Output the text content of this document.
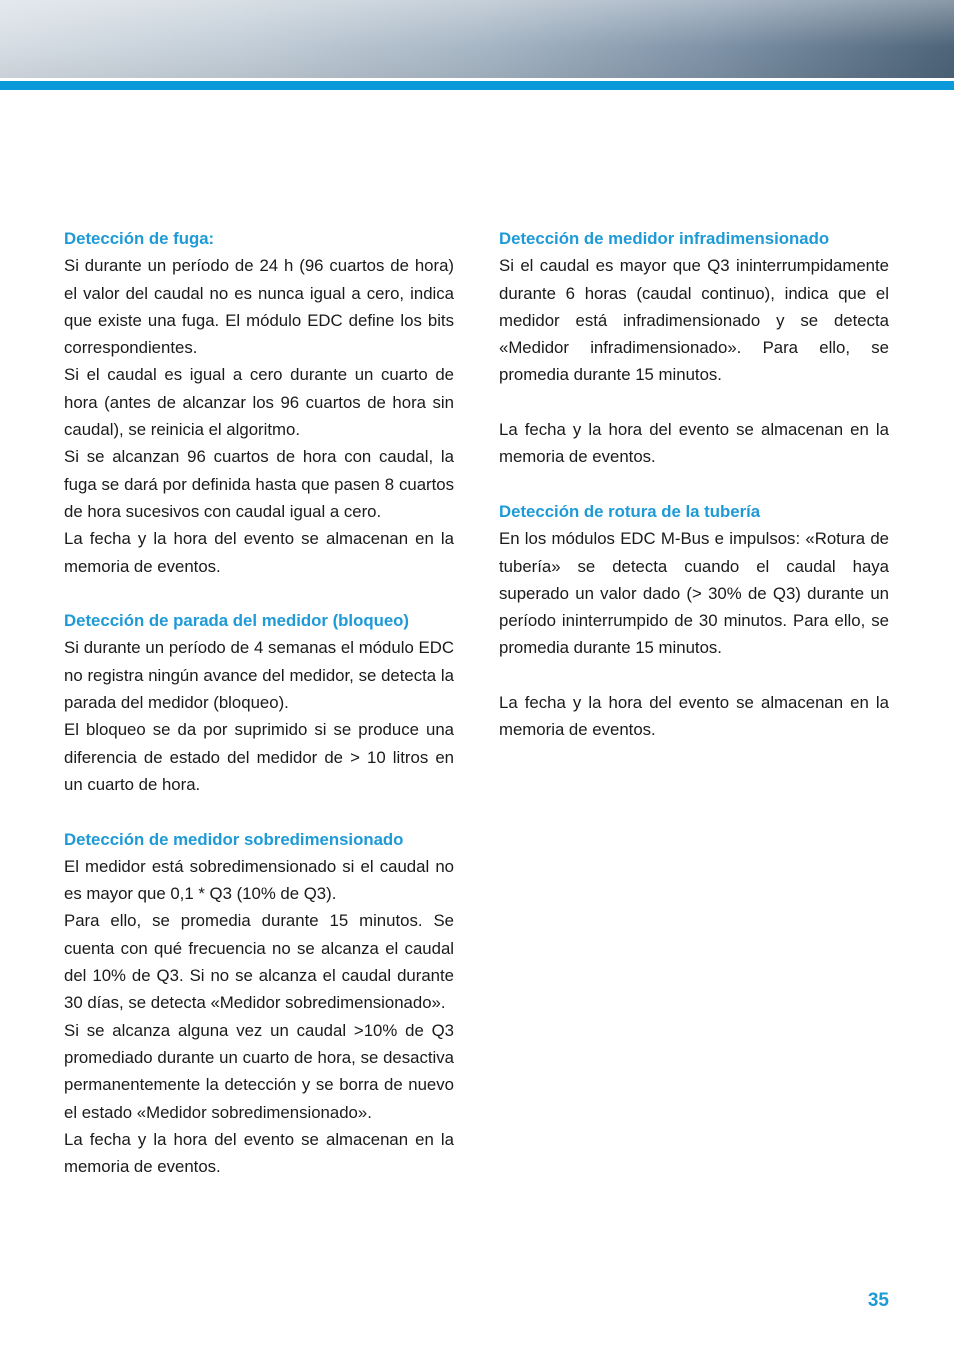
Detección de fuga:

Si durante un período de 24 h (96 cuartos de hora) el valor del caudal no es nunca igual a cero, indica que existe una fuga. El módulo EDC define los bits correspondientes.

Si el caudal es igual a cero durante un cuarto de hora (antes de alcanzar los 96 cuartos de hora sin caudal), se reinicia el algoritmo.

Si se alcanzan 96 cuartos de hora con caudal, la fuga se dará por definida hasta que pasen 8 cuartos de hora sucesivos con caudal igual a cero.

La fecha y la hora del evento se almacenan en la memoria de eventos.

Detección de parada del medidor (bloqueo)

Si durante un período de 4 semanas el módulo EDC no registra ningún avance del medidor, se detecta la parada del medidor (bloqueo).

El bloqueo se da por suprimido si se produce una diferencia de estado del medidor de > 10 litros en un cuarto de hora.

Detección de medidor sobredimensionado

El medidor está sobredimensionado si el caudal no es mayor que 0,1 * Q3 (10% de Q3).

Para ello, se promedia durante 15 minutos. Se cuenta con qué frecuencia no se alcanza el caudal del 10% de Q3. Si no se alcanza el caudal durante 30 días, se detecta «Medidor sobredimensionado».

Si se alcanza alguna vez un caudal >10% de Q3 promediado durante un cuarto de hora, se desactiva permanentemente la detección y se borra de nuevo el estado «Medidor sobredimensionado».

La fecha y la hora del evento se almacenan en la memoria de eventos.

Detección de medidor infradimensionado

Si el caudal es mayor que Q3 ininterrumpidamente durante 6 horas (caudal continuo), indica que el medidor está infradimensionado y se detecta «Medidor infradimensionado». Para ello, se promedia durante 15 minutos.

La fecha y la hora del evento se almacenan en la memoria de eventos.

Detección de rotura de la tubería

En los módulos EDC M-Bus e impulsos: «Rotura de tubería» se detecta cuando el caudal haya superado un valor dado (> 30% de Q3) durante un período ininterrumpido de 30 minutos. Para ello, se promedia durante 15 minutos.

La fecha y la hora del evento se almacenan en la memoria de eventos.

35
